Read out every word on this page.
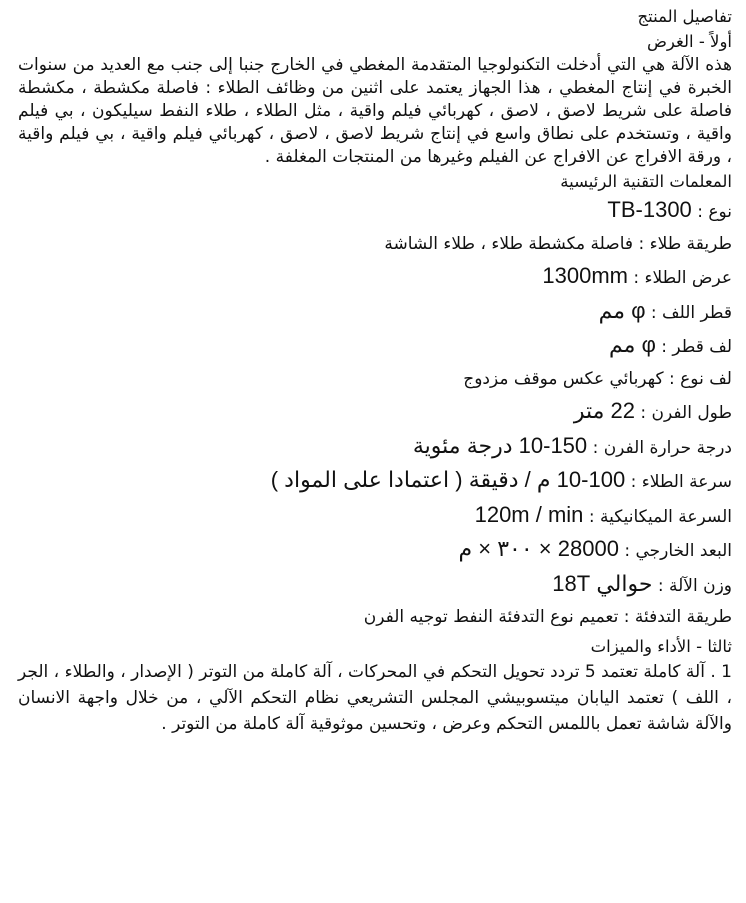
تفاصيل المنتج

أولاً - الغرض

هذه الآلة هي التي أدخلت التكنولوجيا المتقدمة المغطي في الخارج جنبا إلى جنب مع العديد من سنوات الخبرة في إنتاج المغطي ، هذا الجهاز يعتمد على اثنين من وظائف الطلاء : فاصلة مكشطة ، مكشطة فاصلة على شريط لاصق ، لاصق ، كهربائي فيلم واقية ، مثل الطلاء ، طلاء النفط سيليكون ، بي فيلم واقية ، وتستخدم على نطاق واسع في إنتاج شريط لاصق ، لاصق ، كهربائي فيلم واقية ، بي فيلم واقية ، ورقة الافراج عن الافراج عن الفيلم وغيرها من المنتجات المغلفة .

المعلمات التقنية الرئيسية

نوع : TB-1300

طريقة طلاء : فاصلة مكشطة طلاء ، طلاء الشاشة

عرض الطلاء : 1300mm

قطر اللف : φ مم

لف قطر : φ مم

لف نوع : كهربائي عكس موقف مزدوج

طول الفرن : 22 متر

درجة حرارة الفرن : 150-10 درجة مئوية

سرعة الطلاء : 100-10 م / دقيقة ( اعتمادا على المواد )

السرعة الميكانيكية : 120m / min

البعد الخارجي : 28000 × ٣٠٠ × م

وزن الآلة : حوالي 18T

طريقة التدفئة : تعميم نوع التدفئة النفط توجيه الفرن

ثالثا - الأداء والميزات

1 . آلة كاملة تعتمد 5 تردد تحويل التحكم في المحركات ، آلة كاملة من التوتر ( الإصدار ، والطلاء ، الجر ، اللف ) تعتمد اليابان ميتسوبيشي المجلس التشريعي نظام التحكم الآلي ، من خلال واجهة الانسان والآلة شاشة تعمل باللمس التحكم وعرض ، وتحسين موثوقية آلة كاملة من التوتر .
